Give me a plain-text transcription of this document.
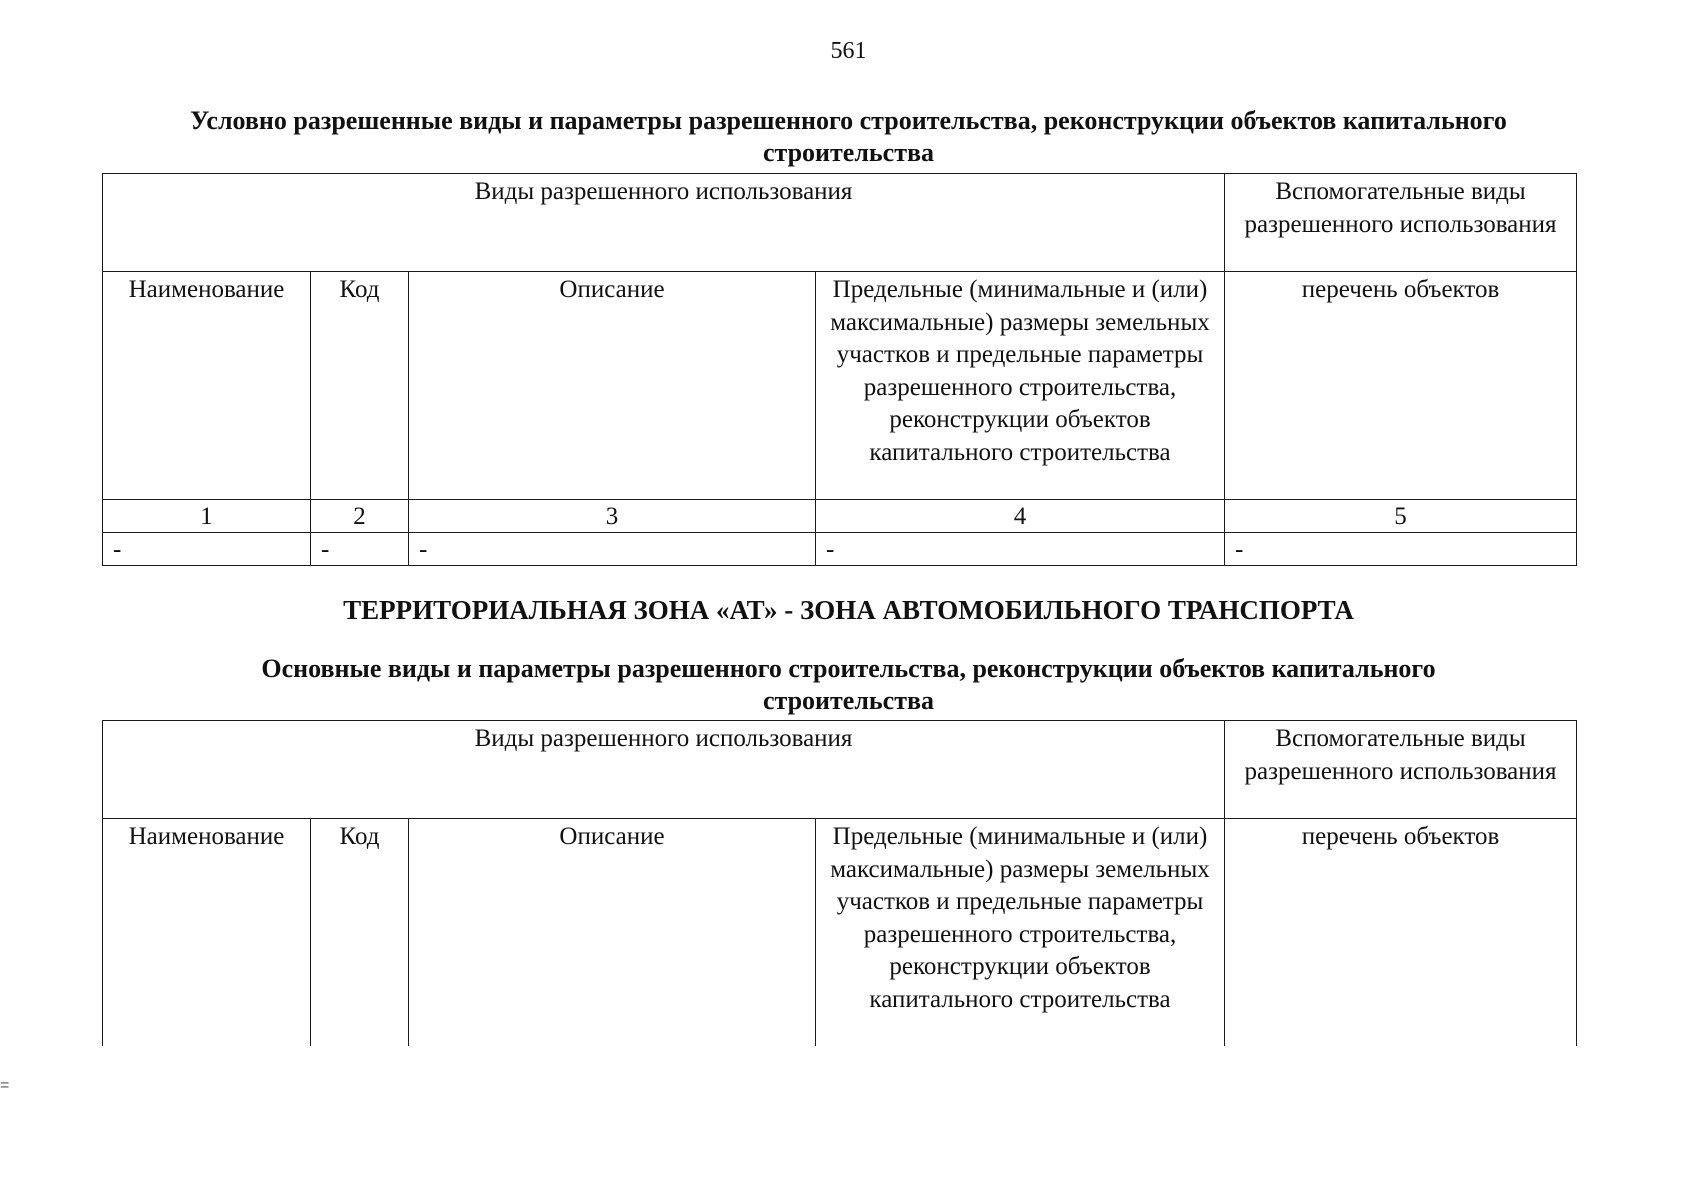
561
Условно разрешенные виды и параметры разрешенного строительства, реконструкции объектов капитального
строительства
Виды разрешенного использования				Вспомогательные виды разрешенного использования
Наименование	Код	Описание	Предельные (минимальные и (или) максимальные) размеры земельных участков и предельные параметры разрешенного строительства, реконструкции объектов капитального строительства	перечень объектов
1	2	3	4	5
-	-	-	-	-
ТЕРРИТОРИАЛЬНАЯ ЗОНА «АТ» - ЗОНА АВТОМОБИЛЬНОГО ТРАНСПОРТА
Основные виды и параметры разрешенного строительства, реконструкции объектов капитального
строительства
Виды разрешенного использования				Вспомогательные виды разрешенного использования
Наименование	Код	Описание	Предельные (минимальные и (или) максимальные) размеры земельных участков и предельные параметры разрешенного строительства, реконструкции объектов капитального строительства	перечень объектов
=
